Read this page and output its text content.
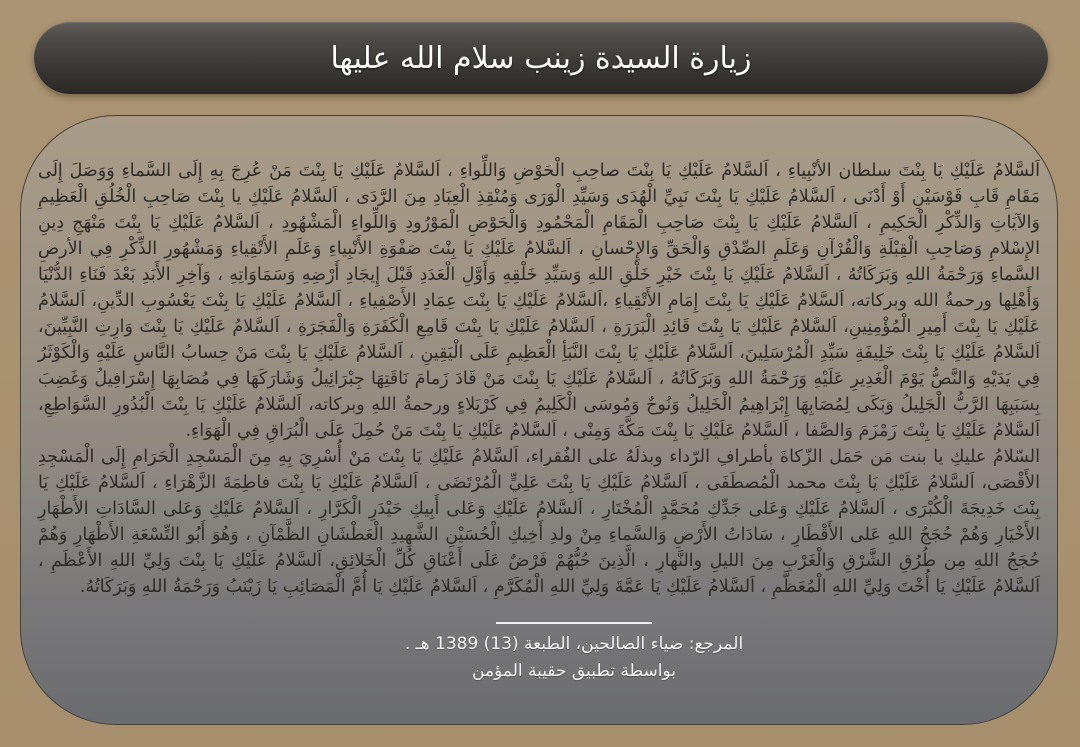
زيارة السيدة زينب سلام الله عليها

اَلسَّلامُ عَلَيْكِ يَا بِنْتَ سلطان الأنْبِياءِ ، اَلسَّلامُ عَلَيْكِ يَا بِنْتَ صاحِبِ الْحَوْضِ وَاللِّواءِ ، اَلسَّلامُ عَلَيْكِ يَا بِنْتَ مَنْ عُرِجَ بِهِ إِلَى السَّماءِ وَوَصَلَ إِلَى مَقَامِ قَابِ قَوْسَيْنِ أَوْ أَدْنَى ، اَلسَّلامُ عَلَيْكِ يَا بِنْتَ نَبِيِّ الْهُدَى وَسَيِّدِ الْوَرَى وَمُنْقِذِ الْعِبَادِ مِنَ الرَّدَى ، اَلسَّلامُ عَلَيْكِ يا بِنْتَ صَاحِبِ الْخُلُقِ الْعَظِيمِ وَالآيَاتِ وَالذِّكْرِ الْحَكِيمِ ، اَلسَّلامُ عَلَيْكِ يَا بِنْتَ صَاحِبِ الْمَقَامِ الْمَحْمُودِ وَالْحَوْضِ الْمَوْرُودِ وَاللِّواءِ الْمَشْهُودِ ، اَلسَّلامُ عَلَيْكِ يَا بِنْتَ مَنْهَجِ دِينِ الإِسْلامِ وَصَاحِبِ الْقِبْلَةِ وَالْقُرْآنِ وَعَلَمِ الصِّدْقِ وَالْحَقِّ وَالإِحْسانِ ، اَلسَّلامُ عَلَيْكِ يَا بِنْتَ صَفْوَةِ الأَنْبِياءِ وَعَلَمِ الأَتْقِياءِ وَمَشْهُورِ الذِّكْرِ فِي الأرضِ السَّماءِ وَرَحْمَةُ اللهِ وَبَرَكَاتُهُ ، اَلسَّلامُ عَلَيْكِ يَا بِنْتَ خَيْرِ خَلْقِ اللهِ وَسَيِّدِ خَلْقِهِ وَأَوَّلِ الْعَدَدِ قَبْلَ إِيجَادِ أَرْضِهِ وَسَمَاوَاتِهِ ، وَآخِرِ الأَبَدِ بَعْدَ فَنَاءِ الدُّنْيَا وَأَهْلِها ورحمةُ الله وبركاته، اَلسَّلامُ عَلَيْكِ يَا بِنْتَ إِمَامِ الأَتْقِياءِ ،اَلسَّلامُ عَلَيْكِ يَا بِنْتَ عِمَادِ الأَصْفِياءِ ، اَلسَّلامُ عَلَيْكِ يَا بِنْتَ يَعْسُوبِ الدِّينِ، اَلسَّلامُ عَلَيْكِ يَا بِنْتَ أَمِيرِ الْمُؤْمِنِينِ، اَلسَّلامُ عَلَيْكِ يَا بِنْتَ قَائِدِ الْبَرَرَةِ ، اَلسَّلامُ عَلَيْكِ يَا بِنْتَ قَامِعِ الْكَفَرَةِ وَالْفَجَرَةِ ، اَلسَّلامُ عَلَيْكِ يَا بِنْتَ وَارِثِ النَّبِيِّينَ، اَلسَّلامُ عَلَيْكِ يَا بِنْتَ خَلِيفَةِ سَيِّدِ الْمُرْسَلِينَ، اَلسَّلامُ عَلَيْكِ يَا بِنْتَ النَّبَأِ الْعَظِيمِ عَلَى الْيَقِينِ ، اَلسَّلامُ عَلَيْكِ يَا بِنْتَ مَنْ حِسابُ النَّاسِ عَلَيْهِ وَالْكَوْثَرُ فِي يَدَيْهِ وَالنَّصُّ يَوْمَ الْغَدِيرِ عَلَيْهِ وَرَحْمَةُ اللهِ وَبَرَكَاتُهُ ، اَلسَّلامُ عَلَيْكِ يَا بِنْتَ مَنْ قَادَ زَمامَ نَاقَتِهَا جِبْرَائِيلُ وَشَارَكَهَا فِي مُصَابِهَا إِسْرَافِيلُ وَغَضِبَ بِسَبَبِهَا الرَّبُّ الْجَلِيلُ وَبَكَى لِمُصَابِهَا إِبْرَاهِيمُ الْخَلِيلُ وَنُوحٌ وَمُوسَى الْكَلِيمُ فِي كَرْبَلاءٍ ورحمةُ اللهِ وبركاته، اَلسَّلامُ عَلَيْكِ يَا بِنْتَ الْبُدُورِ السَّوَاطِعِ، اَلسَّلامُ عَلَيْكِ يَا بِنْتَ زَمْزَمَ وَالصَّفا ، اَلسَّلامُ عَلَيْكِ يَا بِنْتَ مَكَّةَ وَمِنْى ، اَلسَّلامُ عَلَيْكِ يَا بِنْتَ مَنْ حُمِلَ عَلَى الْبُرَاقِ فِي الْهَوَاءِ.

السّلامُ عليكِ يا بنت مَن حَمَل الزّكاةَ بأطرافِ الرّداء وبذلَهُ على الفُقراء، اَلسَّلامُ عَلَيْكِ يَا بِنْتَ مَنْ أُسْرِيَ بِهِ مِنَ الْمَسْجِدِ الْحَرَامِ إِلَى الْمَسْجِدِ الأَقْصَى، اَلسَّلامُ عَلَيْكِ يَا بِنْتَ محمد الْمُصطَفَى ، اَلسَّلامُ عَلَيْكِ يَا بِنْتَ عَلِيٍّ الْمُرْتَضَى ، اَلسَّلامُ عَلَيْكِ يَا بِنْتَ فاطِمَةَ الزَّهْرَاءِ ، اَلسَّلامُ عَلَيْكِ يَا بِنْتَ خَدِيجَةَ الْكُبْرَى ، اَلسَّلامُ عَلَيْكِ وَعَلى جَدِّكِ مُحَمَّدٍ الْمُخْتَارِ ، اَلسَّلامُ عَلَيْكِ وَعَلى أَبِيكِ حَيْدَرِ الْكَرَّارِ ، اَلسَّلامُ عَلَيْكِ وَعَلى السَّادَاتِ الأَطْهَارِ الأَخْيَارِ وَهُمْ حُجَجُ اللهِ عَلى الأَقْطَارِ ، سَادَاتُ الأَرْضِ وَالسَّماءِ مِنْ ولدِ أَخِيكِ الْحُسَيْنِ الشَّهِيدِ الْعَطْشَانِ الظَّمْآنِ ، وَهُوَ أَبُو التِّسْعَةِ الأَطْهَارِ وَهُمْ حُجَجُ اللهِ مِن طُرُقِ الشَّرْقِ وَالْغَرْبِ مِنَ الليلِ والنَّهارِ ، الَّذِينَ حُبُّهُمْ فَرْضٌ عَلَى أَعْنَاقِ كُلِّ الْخَلائِقِ، اَلسَّلامُ عَلَيْكِ يَا بِنْتَ وَلِيِّ اللهِ الأَعْظَمِ ، اَلسَّلامُ عَلَيْكِ يَا أُخْتَ وَلِيِّ اللهِ الْمُعَظَّمِ ، اَلسَّلامُ عَلَيْكِ يَا عَمَّةَ وَلِيِّ اللهِ الْمُكَرَّمِ ، اَلسَّلامُ عَلَيْكِ يَا أُمَّ الْمَصَائِبِ يَا زَيْنَبُ وَرَحْمَةُ اللهِ وَبَرَكَاتُهُ.

المرجع: ضياء الصالحين، الطبعة (13) 1389 هـ .
بواسطة تطبيق حقيبة المؤمن
